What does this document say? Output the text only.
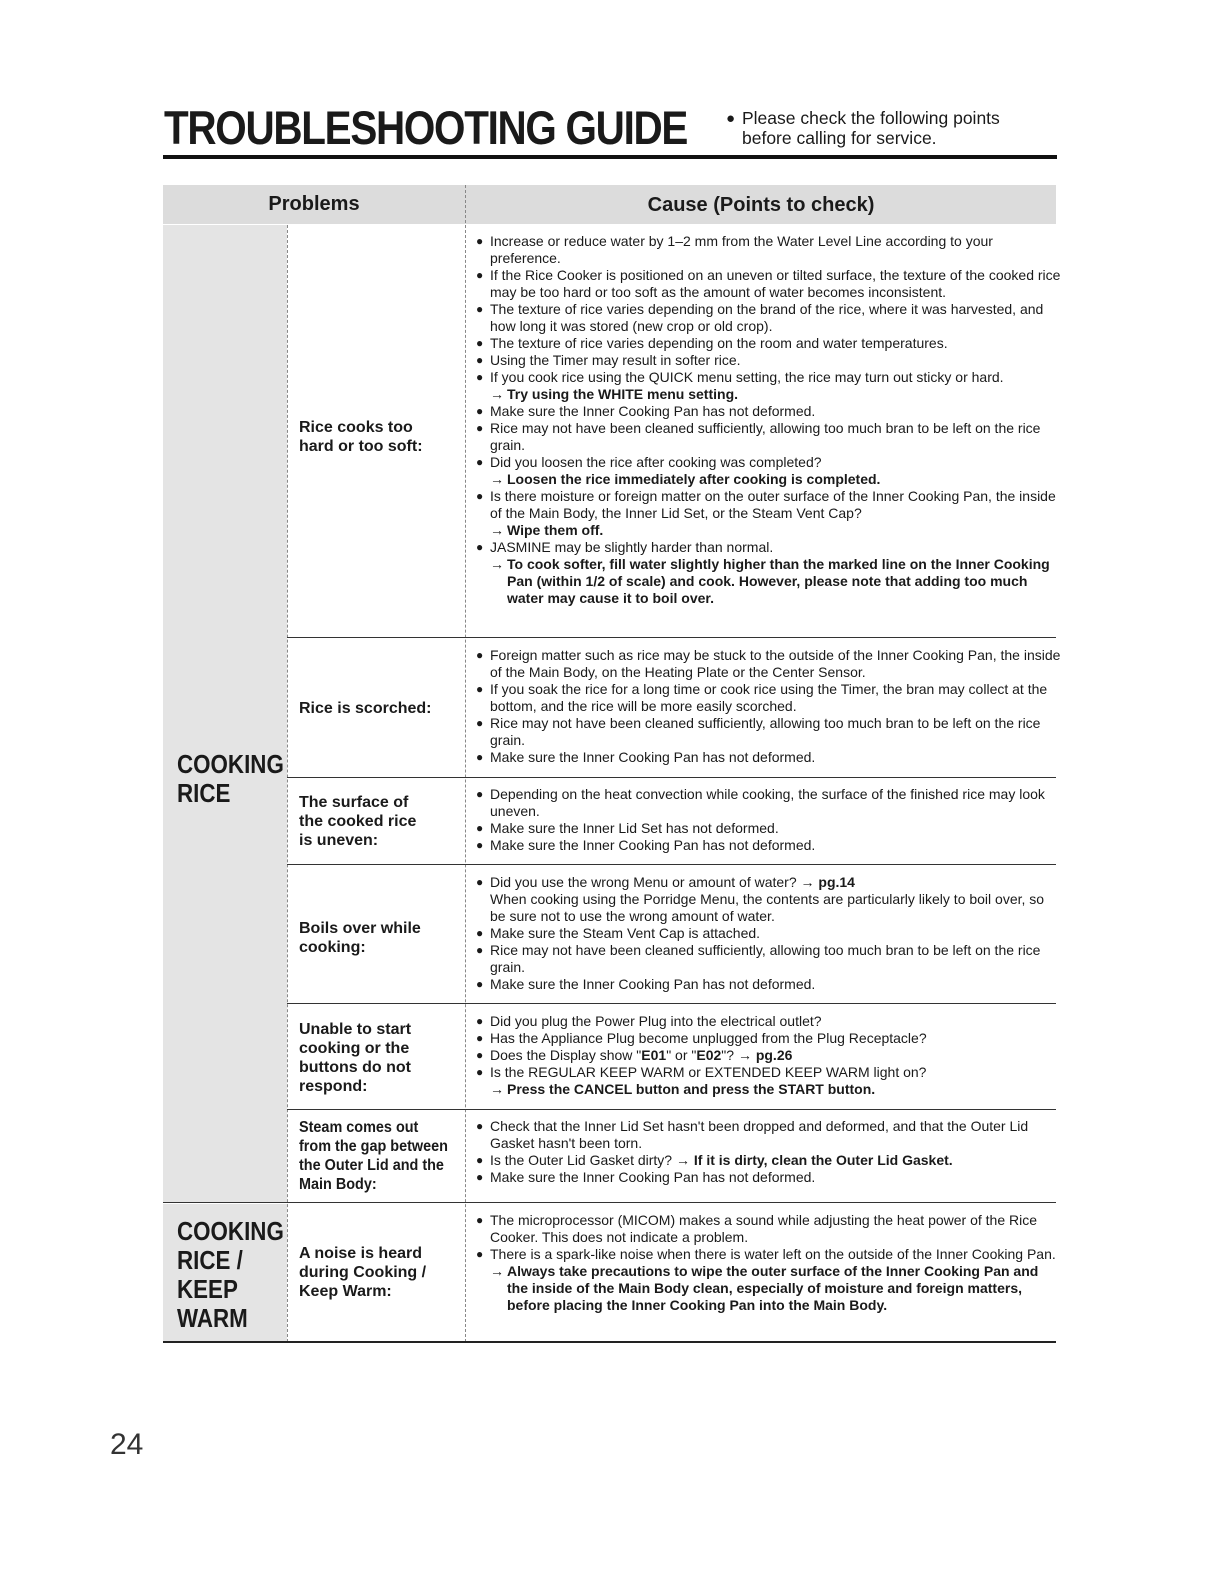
TROUBLESHOOTING GUIDE	● Please check the following points
before calling for service.
Problems	Cause (Points to check)
COOKING
RICE
COOKING
RICE /
KEEP
WARM
Rice cooks too
hard or too soft:
● Increase or reduce water by 1–2 mm from the Water Level Line according to your preference.
● If the Rice Cooker is positioned on an uneven or tilted surface, the texture of the cooked rice may be too hard or too soft as the amount of water becomes inconsistent.
● The texture of rice varies depending on the brand of the rice, where it was harvested, and how long it was stored (new crop or old crop).
● The texture of rice varies depending on the room and water temperatures.
● Using the Timer may result in softer rice.
● If you cook rice using the QUICK menu setting, the rice may turn out sticky or hard.
→ Try using the WHITE menu setting.
● Make sure the Inner Cooking Pan has not deformed.
● Rice may not have been cleaned sufficiently, allowing too much bran to be left on the rice grain.
● Did you loosen the rice after cooking was completed?
→ Loosen the rice immediately after cooking is completed.
● Is there moisture or foreign matter on the outer surface of the Inner Cooking Pan, the inside of the Main Body, the Inner Lid Set, or the Steam Vent Cap?
→ Wipe them off.
● JASMINE may be slightly harder than normal.
→ To cook softer, fill water slightly higher than the marked line on the Inner Cooking Pan (within 1/2 of scale) and cook. However, please note that adding too much water may cause it to boil over.
Rice is scorched:
● Foreign matter such as rice may be stuck to the outside of the Inner Cooking Pan, the inside of the Main Body, on the Heating Plate or the Center Sensor.
● If you soak the rice for a long time or cook rice using the Timer, the bran may collect at the bottom, and the rice will be more easily scorched.
● Rice may not have been cleaned sufficiently, allowing too much bran to be left on the rice grain.
● Make sure the Inner Cooking Pan has not deformed.
The surface of
the cooked rice
is uneven:
● Depending on the heat convection while cooking, the surface of the finished rice may look uneven.
● Make sure the Inner Lid Set has not deformed.
● Make sure the Inner Cooking Pan has not deformed.
Boils over while
cooking:
● Did you use the wrong Menu or amount of water? → pg.14
When cooking using the Porridge Menu, the contents are particularly likely to boil over, so be sure not to use the wrong amount of water.
● Make sure the Steam Vent Cap is attached.
● Rice may not have been cleaned sufficiently, allowing too much bran to be left on the rice grain.
● Make sure the Inner Cooking Pan has not deformed.
Unable to start
cooking or the
buttons do not
respond:
● Did you plug the Power Plug into the electrical outlet?
● Has the Appliance Plug become unplugged from the Plug Receptacle?
● Does the Display show "E01" or "E02"? → pg.26
● Is the REGULAR KEEP WARM or EXTENDED KEEP WARM light on?
→ Press the CANCEL button and press the START button.
Steam comes out
from the gap between
the Outer Lid and the
Main Body:
● Check that the Inner Lid Set hasn't been dropped and deformed, and that the Outer Lid Gasket hasn't been torn.
● Is the Outer Lid Gasket dirty? → If it is dirty, clean the Outer Lid Gasket.
● Make sure the Inner Cooking Pan has not deformed.
A noise is heard
during Cooking /
Keep Warm:
● The microprocessor (MICOM) makes a sound while adjusting the heat power of the Rice Cooker. This does not indicate a problem.
● There is a spark-like noise when there is water left on the outside of the Inner Cooking Pan.
→ Always take precautions to wipe the outer surface of the Inner Cooking Pan and the inside of the Main Body clean, especially of moisture and foreign matters, before placing the Inner Cooking Pan into the Main Body.
24
